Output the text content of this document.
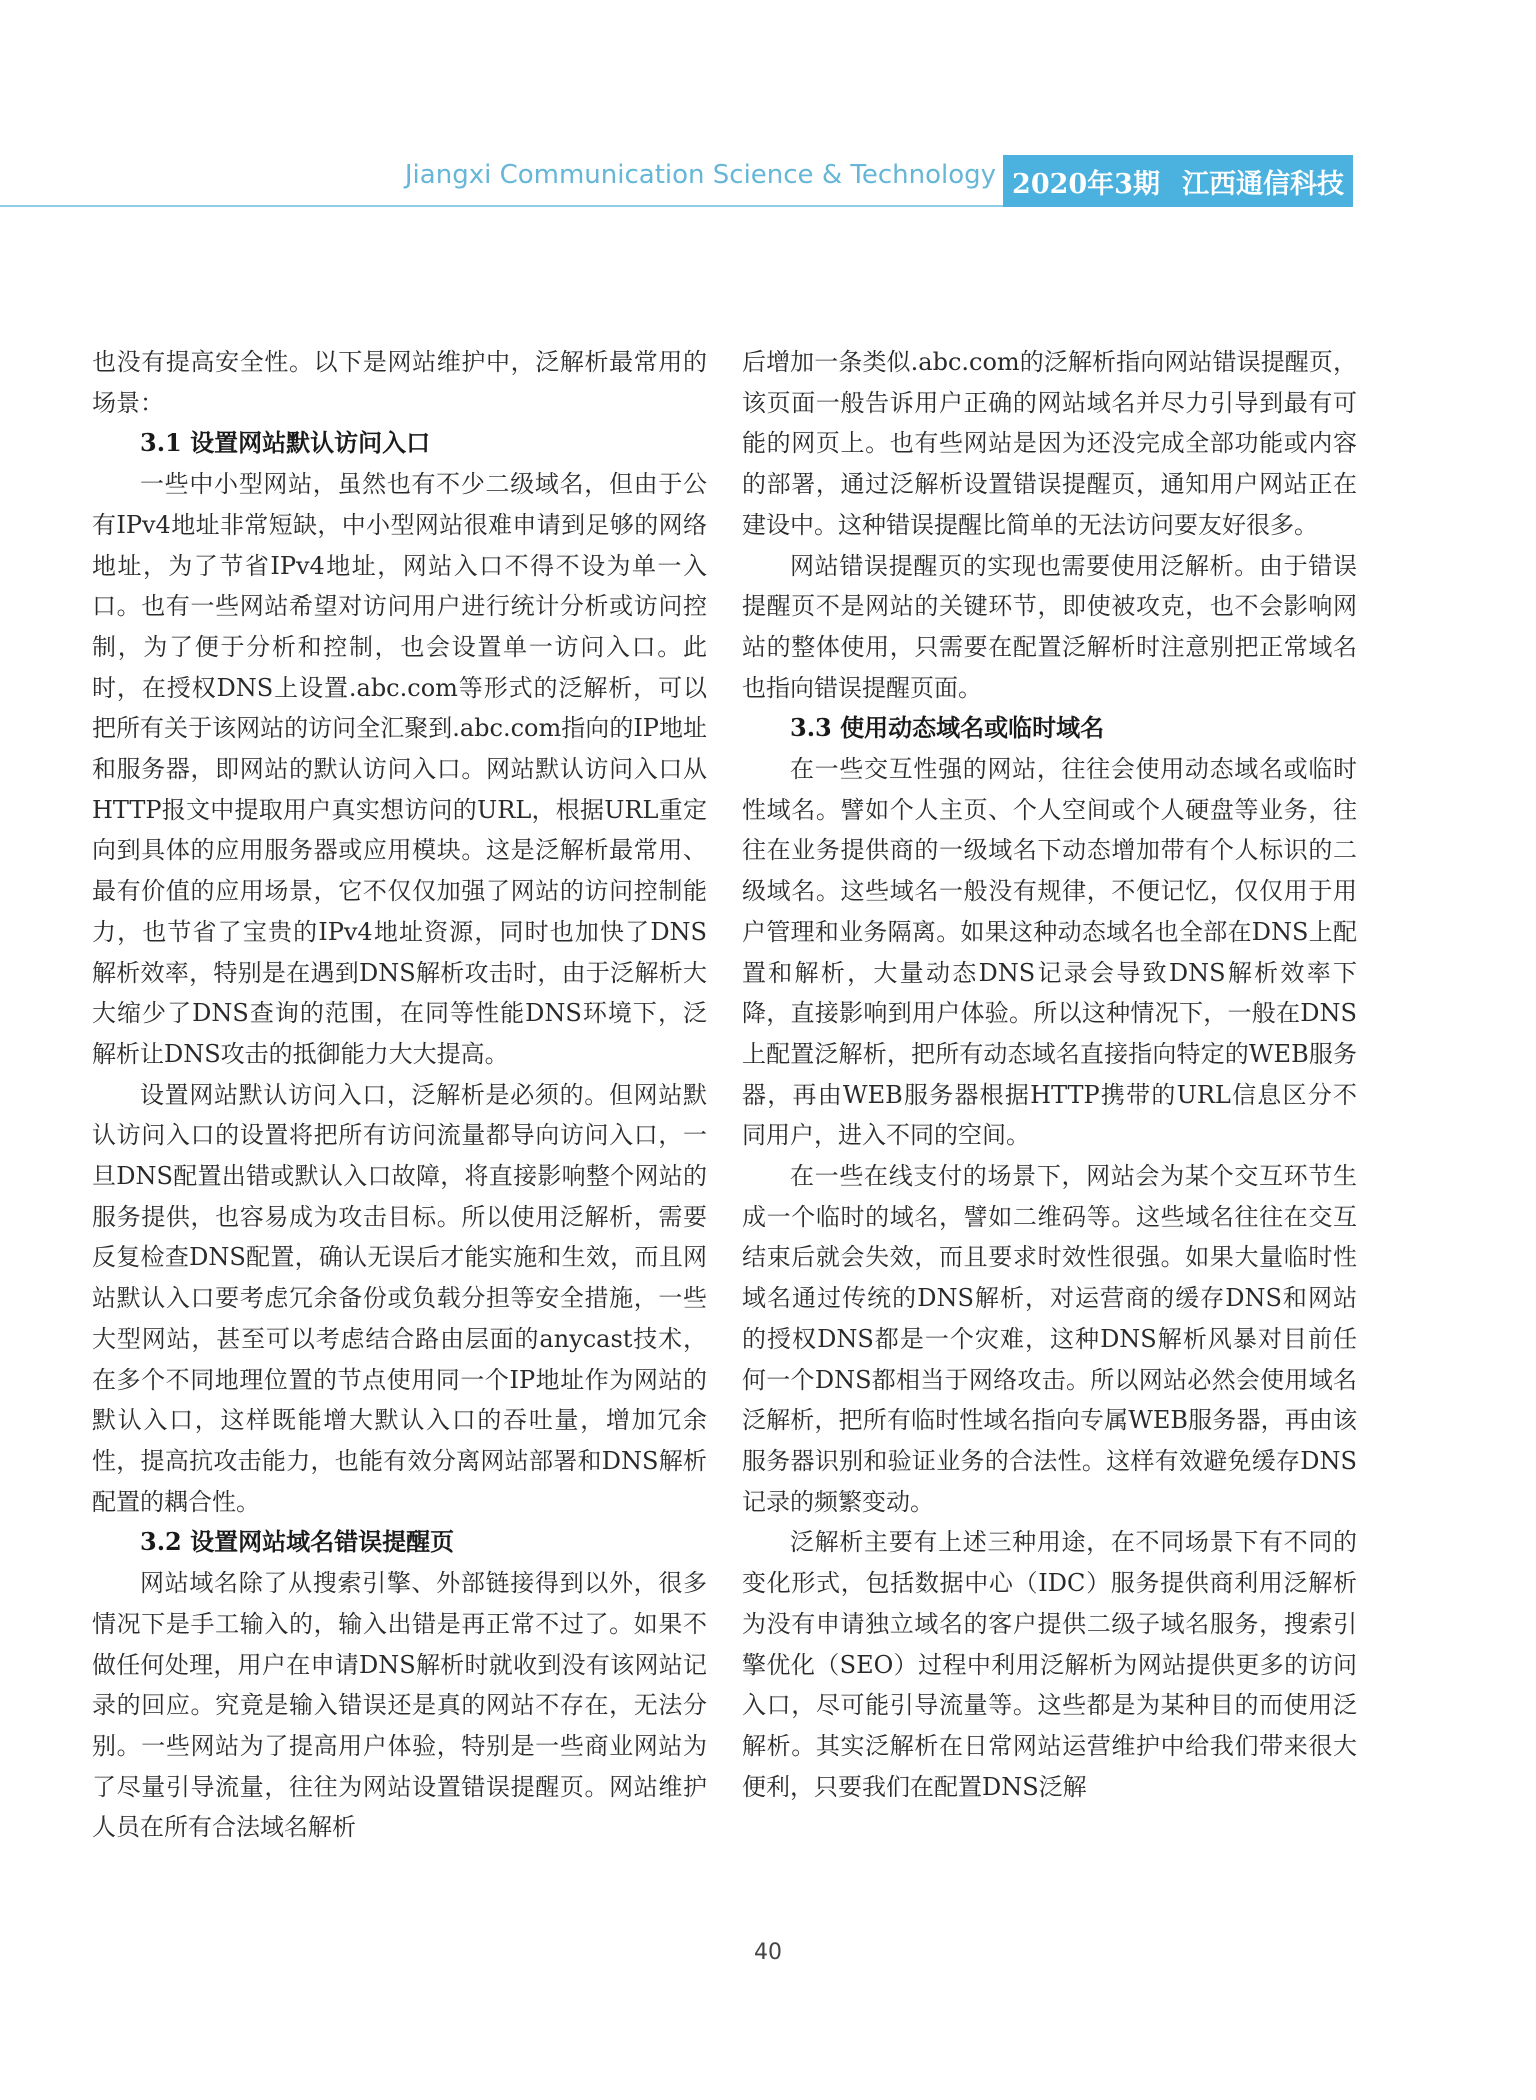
Jiangxi Communication Science & Technology 2020年3期 江西通信科技

也没有提高安全性。以下是网站维护中，泛解析最常用的场景：

3.1 设置网站默认访问入口

一些中小型网站，虽然也有不少二级域名，但由于公有IPv4地址非常短缺，中小型网站很难申请到足够的网络地址，为了节省IPv4地址，网站入口不得不设为单一入口。也有一些网站希望对访问用户进行统计分析或访问控制，为了便于分析和控制，也会设置单一访问入口。此时，在授权DNS上设置.abc.com等形式的泛解析，可以把所有关于该网站的访问全汇聚到.abc.com指向的IP地址和服务器，即网站的默认访问入口。网站默认访问入口从HTTP报文中提取用户真实想访问的URL，根据URL重定向到具体的应用服务器或应用模块。这是泛解析最常用、最有价值的应用场景，它不仅仅加强了网站的访问控制能力，也节省了宝贵的IPv4地址资源，同时也加快了DNS解析效率，特别是在遇到DNS解析攻击时，由于泛解析大大缩少了DNS查询的范围，在同等性能DNS环境下，泛解析让DNS攻击的抵御能力大大提高。

设置网站默认访问入口，泛解析是必须的。但网站默认访问入口的设置将把所有访问流量都导向访问入口，一旦DNS配置出错或默认入口故障，将直接影响整个网站的服务提供，也容易成为攻击目标。所以使用泛解析，需要反复检查DNS配置，确认无误后才能实施和生效，而且网站默认入口要考虑冗余备份或负载分担等安全措施，一些大型网站，甚至可以考虑结合路由层面的anycast技术，在多个不同地理位置的节点使用同一个IP地址作为网站的默认入口，这样既能增大默认入口的吞吐量，增加冗余性，提高抗攻击能力，也能有效分离网站部署和DNS解析配置的耦合性。

3.2 设置网站域名错误提醒页

网站域名除了从搜索引擎、外部链接得到以外，很多情况下是手工输入的，输入出错是再正常不过了。如果不做任何处理，用户在申请DNS解析时就收到没有该网站记录的回应。究竟是输入错误还是真的网站不存在，无法分别。一些网站为了提高用户体验，特别是一些商业网站为了尽量引导流量，往往为网站设置错误提醒页。网站维护人员在所有合法域名解析

后增加一条类似.abc.com的泛解析指向网站错误提醒页，该页面一般告诉用户正确的网站域名并尽力引导到最有可能的网页上。也有些网站是因为还没完成全部功能或内容的部署，通过泛解析设置错误提醒页，通知用户网站正在建设中。这种错误提醒比简单的无法访问要友好很多。

网站错误提醒页的实现也需要使用泛解析。由于错误提醒页不是网站的关键环节，即使被攻克，也不会影响网站的整体使用，只需要在配置泛解析时注意别把正常域名也指向错误提醒页面。

3.3 使用动态域名或临时域名

在一些交互性强的网站，往往会使用动态域名或临时性域名。譬如个人主页、个人空间或个人硬盘等业务，往往在业务提供商的一级域名下动态增加带有个人标识的二级域名。这些域名一般没有规律，不便记忆，仅仅用于用户管理和业务隔离。如果这种动态域名也全部在DNS上配置和解析，大量动态DNS记录会导致DNS解析效率下降，直接影响到用户体验。所以这种情况下，一般在DNS上配置泛解析，把所有动态域名直接指向特定的WEB服务器，再由WEB服务器根据HTTP携带的URL信息区分不同用户，进入不同的空间。

在一些在线支付的场景下，网站会为某个交互环节生成一个临时的域名，譬如二维码等。这些域名往往在交互结束后就会失效，而且要求时效性很强。如果大量临时性域名通过传统的DNS解析，对运营商的缓存DNS和网站的授权DNS都是一个灾难，这种DNS解析风暴对目前任何一个DNS都相当于网络攻击。所以网站必然会使用域名泛解析，把所有临时性域名指向专属WEB服务器，再由该服务器识别和验证业务的合法性。这样有效避免缓存DNS记录的频繁变动。

泛解析主要有上述三种用途，在不同场景下有不同的变化形式，包括数据中心（IDC）服务提供商利用泛解析为没有申请独立域名的客户提供二级子域名服务，搜索引擎优化（SEO）过程中利用泛解析为网站提供更多的访问入口，尽可能引导流量等。这些都是为某种目的而使用泛解析。其实泛解析在日常网站运营维护中给我们带来很大便利，只要我们在配置DNS泛解

40
